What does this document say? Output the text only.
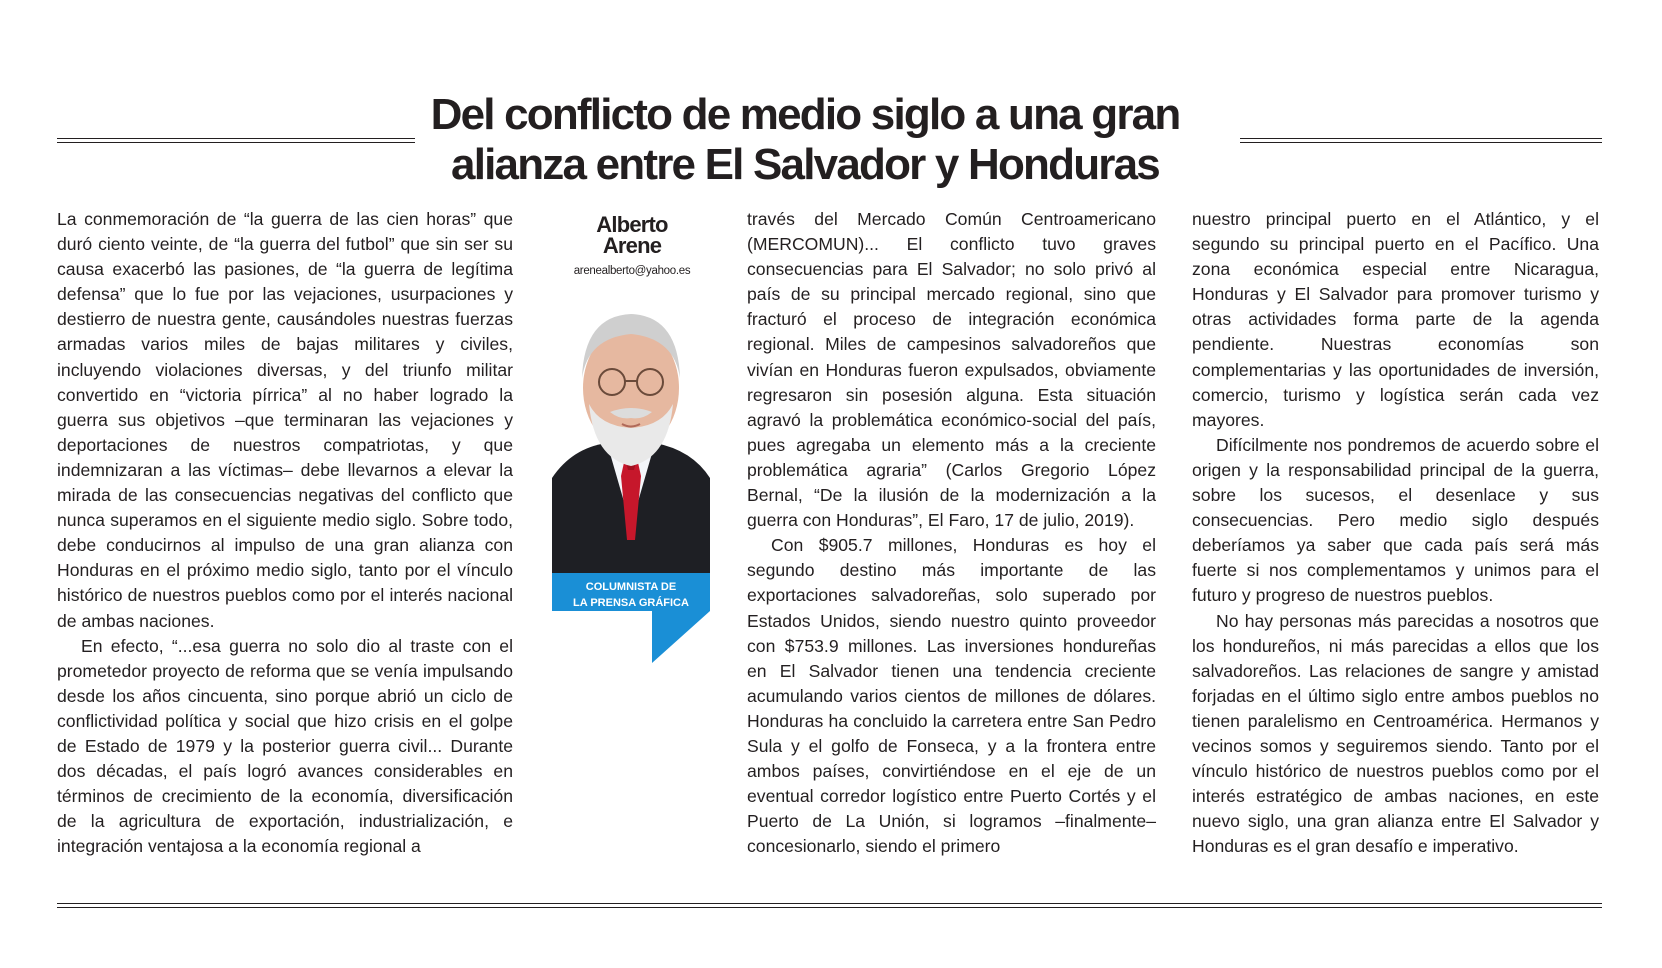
Del conflicto de medio siglo a una gran
alianza entre El Salvador y Honduras

La conmemoración de “la guerra de las cien horas” que duró ciento veinte, de “la guerra del futbol” que sin ser su causa exacerbó las pasiones, de “la guerra de legítima defensa” que lo fue por las vejaciones, usurpaciones y destierro de nuestra gente, causándoles nuestras fuerzas armadas varios miles de bajas militares y civiles, incluyendo violaciones diversas, y del triunfo militar convertido en “victoria pírrica” al no haber logrado la guerra sus objetivos –que terminaran las vejaciones y deportaciones de nuestros compatriotas, y que indemnizaran a las víctimas– debe llevarnos a elevar la mirada de las consecuencias negativas del conflicto que nunca superamos en el siguiente medio siglo. Sobre todo, debe conducirnos al impulso de una gran alianza con Honduras en el próximo medio siglo, tanto por el vínculo histórico de nuestros pueblos como por el interés nacional de ambas naciones.

En efecto, “...esa guerra no solo dio al traste con el prometedor proyecto de reforma que se venía impulsando desde los años cincuenta, sino porque abrió un ciclo de conflictividad política y social que hizo crisis en el golpe de Estado de 1979 y la posterior guerra civil... Durante dos décadas, el país logró avances considerables en términos de crecimiento de la economía, diversificación de la agricultura de exportación, industrialización, e integración ventajosa a la economía regional a

Alberto
Arene
arenealberto@yahoo.es
COLUMNISTA DE
LA PRENSA GRÁFICA

través del Mercado Común Centroamericano (MERCOMUN)... El conflicto tuvo graves consecuencias para El Salvador; no solo privó al país de su principal mercado regional, sino que fracturó el proceso de integración económica regional. Miles de campesinos salvadoreños que vivían en Honduras fueron expulsados, obviamente regresaron sin posesión alguna. Esta situación agravó la problemática económico-social del país, pues agregaba un elemento más a la creciente problemática agraria” (Carlos Gregorio López Bernal, “De la ilusión de la modernización a la guerra con Honduras”, El Faro, 17 de julio, 2019).

Con $905.7 millones, Honduras es hoy el segundo destino más importante de las exportaciones salvadoreñas, solo superado por Estados Unidos, siendo nuestro quinto proveedor con $753.9 millones. Las inversiones hondureñas en El Salvador tienen una tendencia creciente acumulando varios cientos de millones de dólares. Honduras ha concluido la carretera entre San Pedro Sula y el golfo de Fonseca, y a la frontera entre ambos países, convirtiéndose en el eje de un eventual corredor logístico entre Puerto Cortés y el Puerto de La Unión, si logramos –finalmente– concesionarlo, siendo el primero

nuestro principal puerto en el Atlántico, y el segundo su principal puerto en el Pacífico. Una zona económica especial entre Nicaragua, Honduras y El Salvador para promover turismo y otras actividades forma parte de la agenda pendiente. Nuestras economías son complementarias y las oportunidades de inversión, comercio, turismo y logística serán cada vez mayores.

Difícilmente nos pondremos de acuerdo sobre el origen y la responsabilidad principal de la guerra, sobre los sucesos, el desenlace y sus consecuencias. Pero medio siglo después deberíamos ya saber que cada país será más fuerte si nos complementamos y unimos para el futuro y progreso de nuestros pueblos.

No hay personas más parecidas a nosotros que los hondureños, ni más parecidas a ellos que los salvadoreños. Las relaciones de sangre y amistad forjadas en el último siglo entre ambos pueblos no tienen paralelismo en Centroamérica. Hermanos y vecinos somos y seguiremos siendo. Tanto por el vínculo histórico de nuestros pueblos como por el interés estratégico de ambas naciones, en este nuevo siglo, una gran alianza entre El Salvador y Honduras es el gran desafío e imperativo.
